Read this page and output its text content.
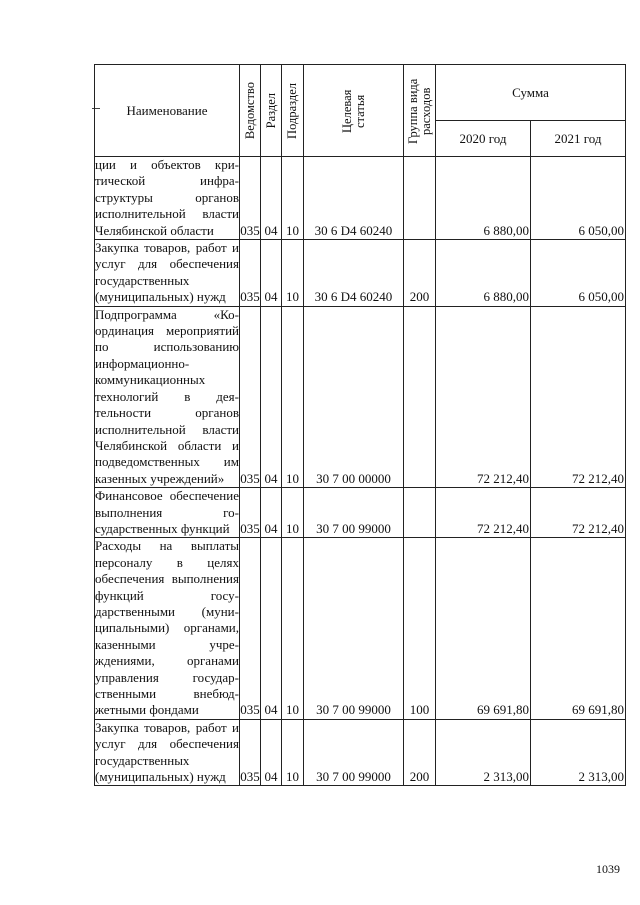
Наименование	Ведомство	Раздел	Подраздел	Целевая статья	Группа вида расходов	Сумма	
						2020 год	2021 год
ции и объектов критической инфраструктуры органов исполнительной власти Челябинской области	035	04	10	30 6 D4 60240		6 880,00	6 050,00
Закупка товаров, работ и услуг для обеспечения государственных (муниципальных) нужд	035	04	10	30 6 D4 60240	200	6 880,00	6 050,00
Подпрограмма «Координация мероприятий по использованию информационнокоммуникационных технологий в деятельности органов исполнительной власти Челябинской области и подведомственных им казенных учреждений»	035	04	10	30 7 00 00000		72 212,40	72 212,40
Финансовое обеспечение выполнения государственных функций	035	04	10	30 7 00 99000		72 212,40	72 212,40
Расходы на выплаты персоналу в целях обеспечения выполнения функций государственными (муниципальными) органами, казенными учреждениями, органами управления государственными внебюджетными фондами	035	04	10	30 7 00 99000	100	69 691,80	69 691,80
Закупка товаров, работ и услуг для обеспечения государственных (муниципальных) нужд	035	04	10	30 7 00 99000	200	2 313,00	2 313,00
1039
